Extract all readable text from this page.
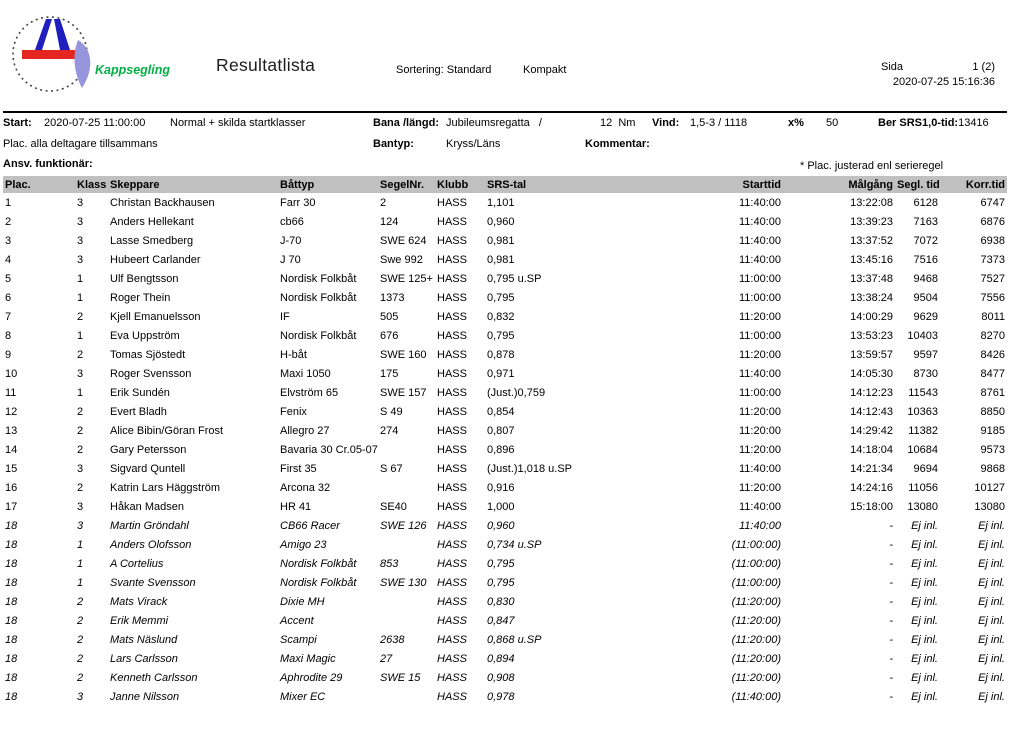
Kappsegling	Resultatlista	Sortering: Standard	Kompakt	Sida	1 (2)
2020-07-25 15:16:36
Start: 2020-07-25 11:00:00 Normal + skilda startklasser	Bana /längd: Jubileumsregatta   /	12  Nm Vind: 1,5-3 / 1118	x% 50	Ber SRS1,0-tid:13416
Plac. alla deltagare tillsammans	Bantyp:	Kryss/Läns	Kommentar:
Ansv. funktionär:	* Plac. justerad enl serieregel
Plac.	Klass	Skeppare	Båttyp	SegelNr.	Klubb	SRS-tal	Starttid	Målgång	Segl. tid	Korr.tid
1	3	Christan Backhausen	Farr 30	2	HASS	1,101	11:40:00	13:22:08	6128	6747
2	3	Anders Hellekant	cb66	124	HASS	0,960	11:40:00	13:39:23	7163	6876
3	3	Lasse Smedberg	J-70	SWE 624	HASS	0,981	11:40:00	13:37:52	7072	6938
4	3	Hubeert Carlander	J 70	Swe 992	HASS	0,981	11:40:00	13:45:16	7516	7373
5	1	Ulf Bengtsson	Nordisk Folkbåt	SWE 125+	HASS	0,795 u.SP	11:00:00	13:37:48	9468	7527
6	1	Roger Thein	Nordisk Folkbåt	1373	HASS	0,795	11:00:00	13:38:24	9504	7556
7	2	Kjell Emanuelsson	IF	505	HASS	0,832	11:20:00	14:00:29	9629	8011
8	1	Eva Uppström	Nordisk Folkbåt	676	HASS	0,795	11:00:00	13:53:23	10403	8270
9	2	Tomas Sjöstedt	H-båt	SWE 160	HASS	0,878	11:20:00	13:59:57	9597	8426
10	3	Roger Svensson	Maxi 1050	175	HASS	0,971	11:40:00	14:05:30	8730	8477
11	1	Erik Sundén	Elvström 65	SWE 157	HASS	(Just.)0,759	11:00:00	14:12:23	11543	8761
12	2	Evert Bladh	Fenix	S 49	HASS	0,854	11:20:00	14:12:43	10363	8850
13	2	Alice Bibin/Göran Frost	Allegro 27	274	HASS	0,807	11:20:00	14:29:42	11382	9185
14	2	Gary Petersson	Bavaria 30 Cr.05-07		HASS	0,896	11:20:00	14:18:04	10684	9573
15	3	Sigvard Quntell	First 35	S 67	HASS	(Just.)1,018 u.SP	11:40:00	14:21:34	9694	9868
16	2	Katrin Lars Häggström	Arcona 32		HASS	0,916	11:20:00	14:24:16	11056	10127
17	3	Håkan Madsen	HR 41	SE40	HASS	1,000	11:40:00	15:18:00	13080	13080
18	3	Martin Gröndahl	CB66 Racer	SWE 126	HASS	0,960	11:40:00	-	Ej inl.	Ej inl.
18	1	Anders Olofsson	Amigo 23		HASS	0,734 u.SP	(11:00:00)	-	Ej inl.	Ej inl.
18	1	A Cortelius	Nordisk Folkbåt	853	HASS	0,795	(11:00:00)	-	Ej inl.	Ej inl.
18	1	Svante Svensson	Nordisk Folkbåt	SWE 130	HASS	0,795	(11:00:00)	-	Ej inl.	Ej inl.
18	2	Mats Virack	Dixie MH		HASS	0,830	(11:20:00)	-	Ej inl.	Ej inl.
18	2	Erik Memmi	Accent		HASS	0,847	(11:20:00)	-	Ej inl.	Ej inl.
18	2	Mats Näslund	Scampi	2638	HASS	0,868 u.SP	(11:20:00)	-	Ej inl.	Ej inl.
18	2	Lars Carlsson	Maxi Magic	27	HASS	0,894	(11:20:00)	-	Ej inl.	Ej inl.
18	2	Kenneth Carlsson	Aphrodite 29	SWE 15	HASS	0,908	(11:20:00)	-	Ej inl.	Ej inl.
18	3	Janne Nilsson	Mixer EC		HASS	0,978	(11:40:00)	-	Ej inl.	Ej inl.
